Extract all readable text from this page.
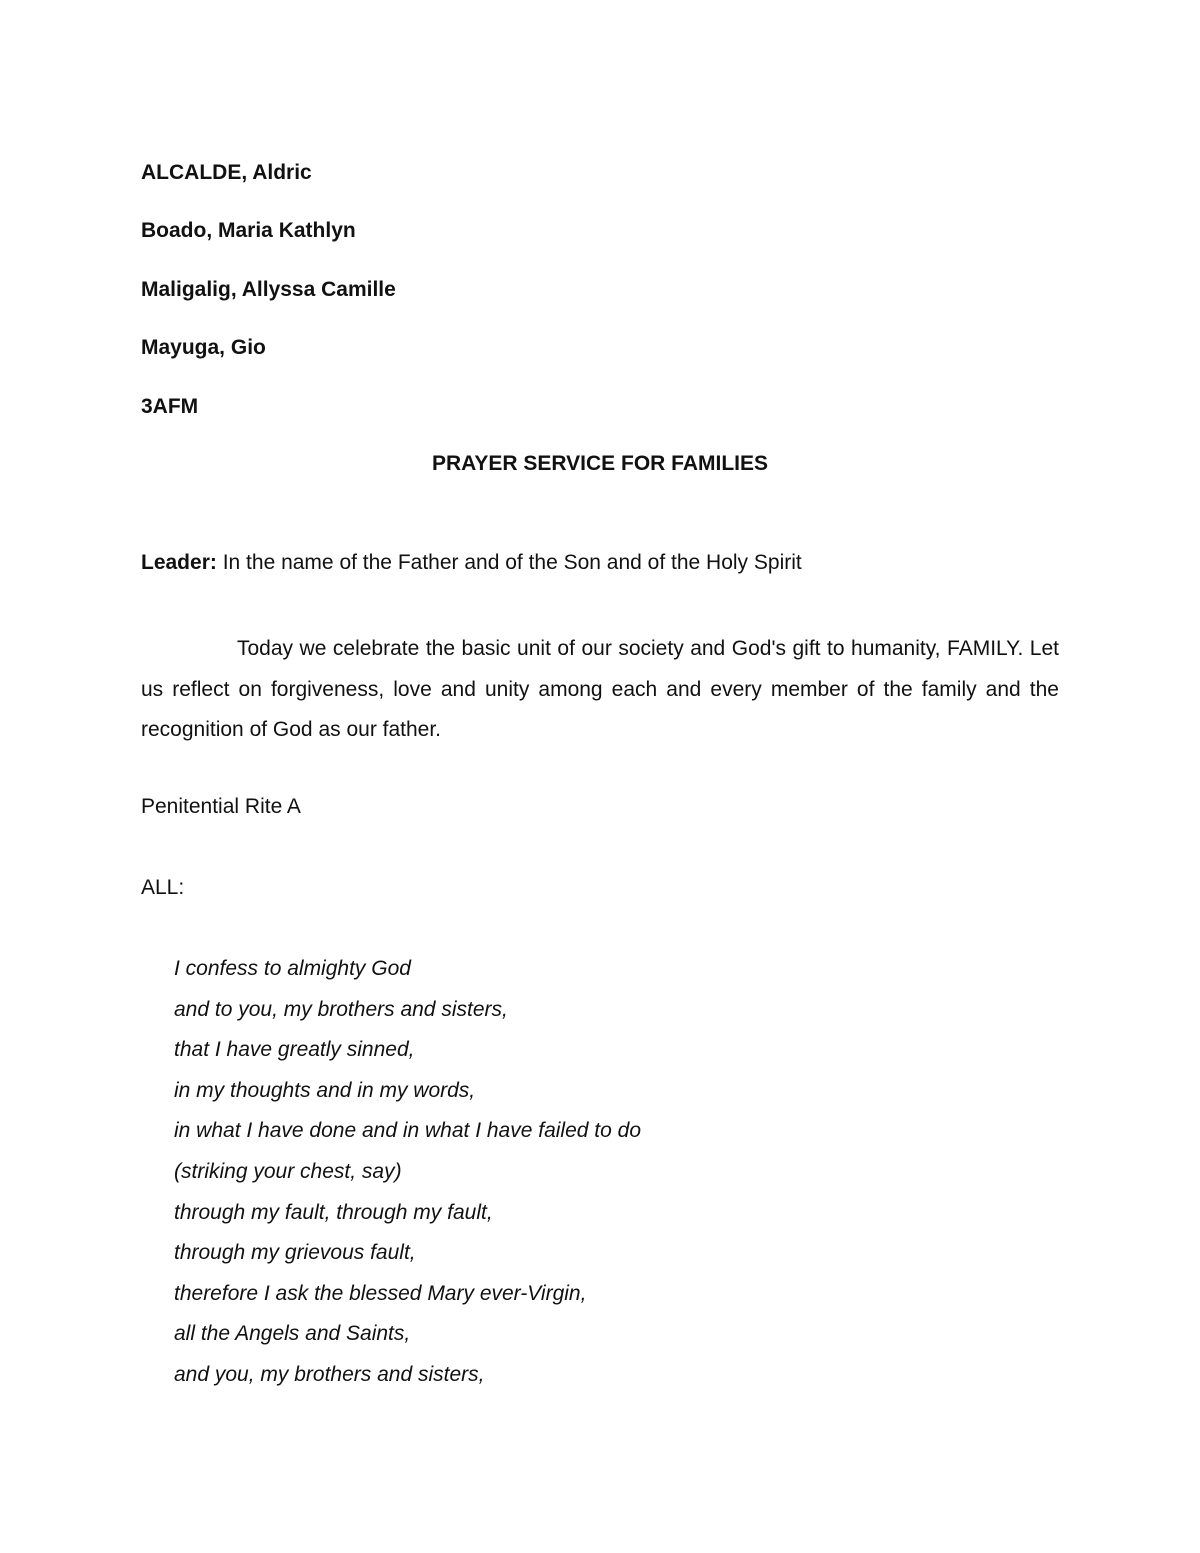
ALCALDE, Aldric
Boado, Maria Kathlyn
Maligalig, Allyssa Camille
Mayuga, Gio
3AFM
PRAYER SERVICE FOR FAMILIES

Leader: In the name of the Father and of the Son and of the Holy Spirit

Today we celebrate the basic unit of our society and God's gift to humanity, FAMILY. Let us reflect on forgiveness, love and unity among each and every member of the family and the recognition of God as our father.

Penitential Rite A

ALL:

I confess to almighty God
and to you, my brothers and sisters,
that I have greatly sinned,
in my thoughts and in my words,
in what I have done and in what I have failed to do
(striking your chest, say)
through my fault, through my fault,
through my grievous fault,
therefore I ask the blessed Mary ever-Virgin,
all the Angels and Saints,
and you, my brothers and sisters,
